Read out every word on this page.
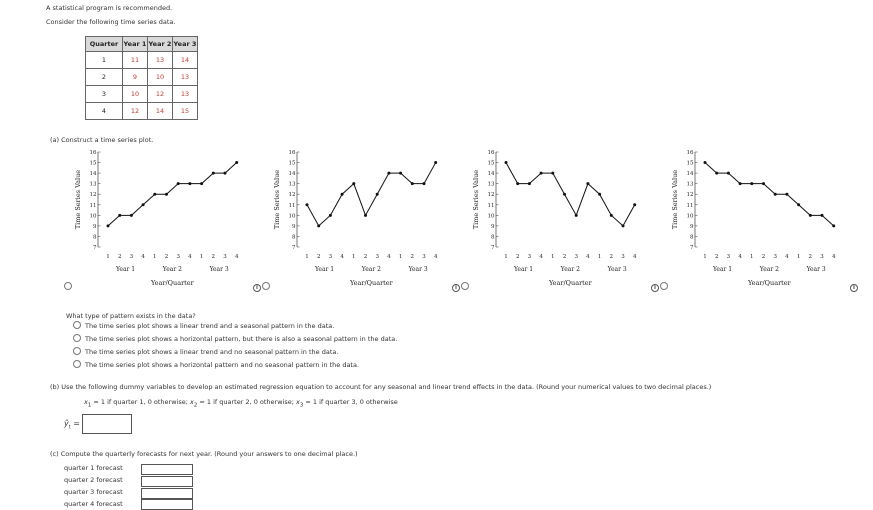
A statistical program is recommended.
Consider the following time series data.
Quarter	Year 1	Year 2	Year 3
1	11	13	14
2	9	10	13
3	10	12	13
4	12	14	15
(a) Construct a time series plot.
16
15
14
13
12
11
10
9
8
7
Time Series Value
1 2 3 4 1 2 3 4 1 2 3 4
Year 1	Year 2	Year 3
Year/Quarter
16
15
14
13
12
11
10
9
8
7
Time Series Value
1 2 3 4 1 2 3 4 1 2 3 4
Year 1	Year 2	Year 3
Year/Quarter
16
15
14
13
12
11
10
9
8
7
Time Series Value
1 2 3 4 1 2 3 4 1 2 3 4
Year 1	Year 2	Year 3
Year/Quarter
16
15
14
13
12
11
10
9
8
7
Time Series Value
1 2 3 4 1 2 3 4 1 2 3 4
Year 1	Year 2	Year 3
Year/Quarter
i	i	i	i
What type of pattern exists in the data?
The time series plot shows a linear trend and a seasonal pattern in the data.
The time series plot shows a horizontal pattern, but there is also a seasonal pattern in the data.
The time series plot shows a linear trend and no seasonal pattern in the data.
The time series plot shows a horizontal pattern and no seasonal pattern in the data.
(b) Use the following dummy variables to develop an estimated regression equation to account for any seasonal and linear trend effects in the data. (Round your numerical values to two decimal places.)
$x_1 = 1$ if quarter 1, 0 otherwise; $x_2 = 1$ if quarter 2, 0 otherwise; $x_3 = 1$ if quarter 3, 0 otherwise
$ŷ_t$ =
(c) Compute the quarterly forecasts for next year. (Round your answers to one decimal place.)
quarter 1 forecast
quarter 2 forecast
quarter 3 forecast
quarter 4 forecast
